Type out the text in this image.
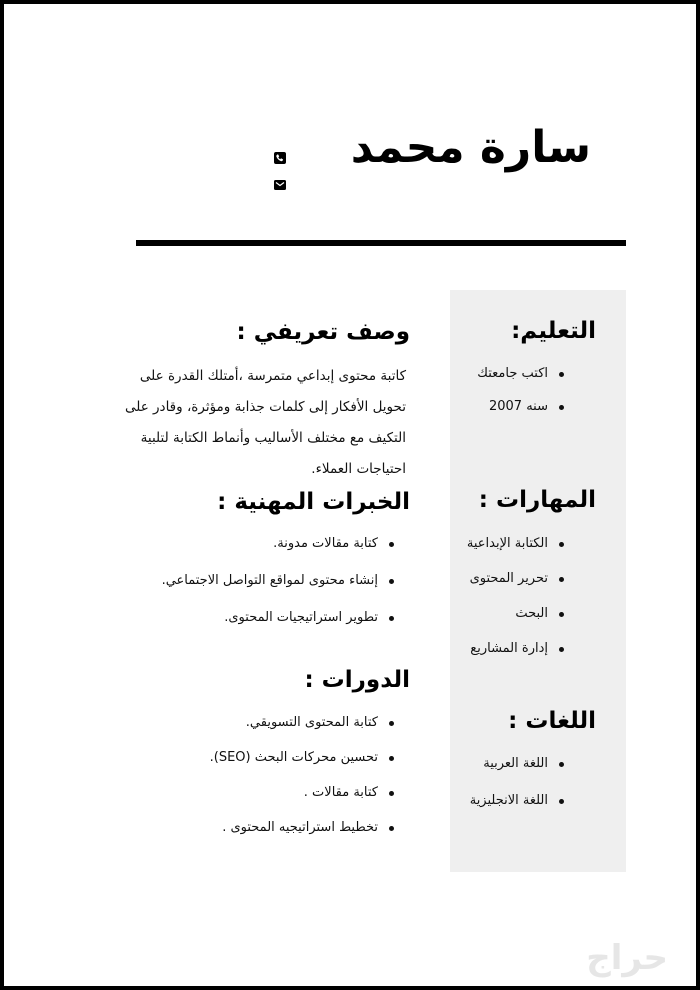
سارة محمد
التعليم:
اكتب جامعتك
سنه 2007
المهارات :
الكتابة الإبداعية
تحرير المحتوى
البحث
إدارة المشاريع
اللغات :
اللغة العربية
اللغة الانجليزية
وصف تعريفي :
كاتبة محتوى إبداعي متمرسة ،أمتلك القدرة على تحويل الأفكار إلى كلمات جذابة ومؤثرة، وقادر على التكيف مع مختلف الأساليب وأنماط الكتابة لتلبية احتياجات العملاء.
الخبرات المهنية :
كتابة مقالات مدونة.
إنشاء محتوى لمواقع التواصل الاجتماعي.
تطوير استراتيجيات المحتوى.
الدورات :
كتابة المحتوى التسويقي.
تحسين محركات البحث (SEO).
كتابة مقالات .
تخطيط استراتيجيه المحتوى .
حراج
